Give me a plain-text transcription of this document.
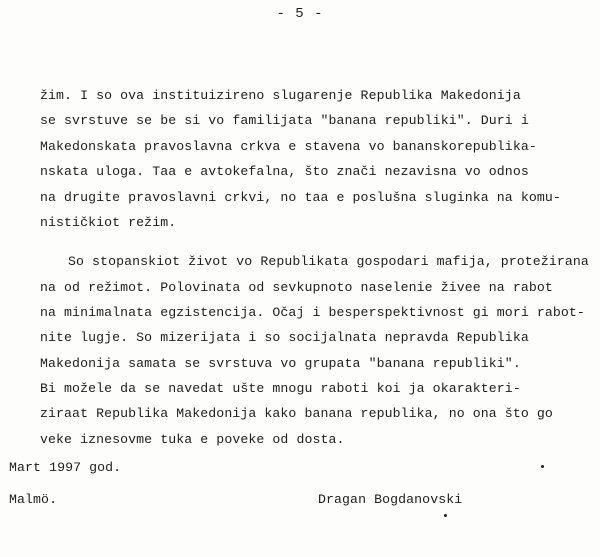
- 5 -
žim. I so ova instituizireno slugarenje Republika Makedonija
se svrstuve se be si vo familijata "banana republiki". Duri i
Makedonskata pravoslavna crkva e stavena vo bananskorepublika-
nskata uloga. Taa e avtokefalna, što znači nezavisna vo odnos
na drugite pravoslavni crkvi, no taa e poslušna sluginka na komu-
nističkiot režim.
So stopanskiot život vo Republikata gospodari mafija, protežirana
na od režimot. Polovinata od sevkupnoto naselenie živee na rabot
na minimalnata egzistencija. Očaj i besperspektivnost gi mori rabot-
nite lugje. So mizerijata i so socijalnata nepravda Republika
Makedonija samata se svrstuva vo grupata "banana republiki".
Bi možele da se navedat ušte mnogu raboti koi ja okarakteri-
ziraat Republika Makedonija kako banana republika, no ona što go
veke iznesovme tuka e poveke od dosta.
Mart 1997 god.
Malmö.	Dragan Bogdanovski
